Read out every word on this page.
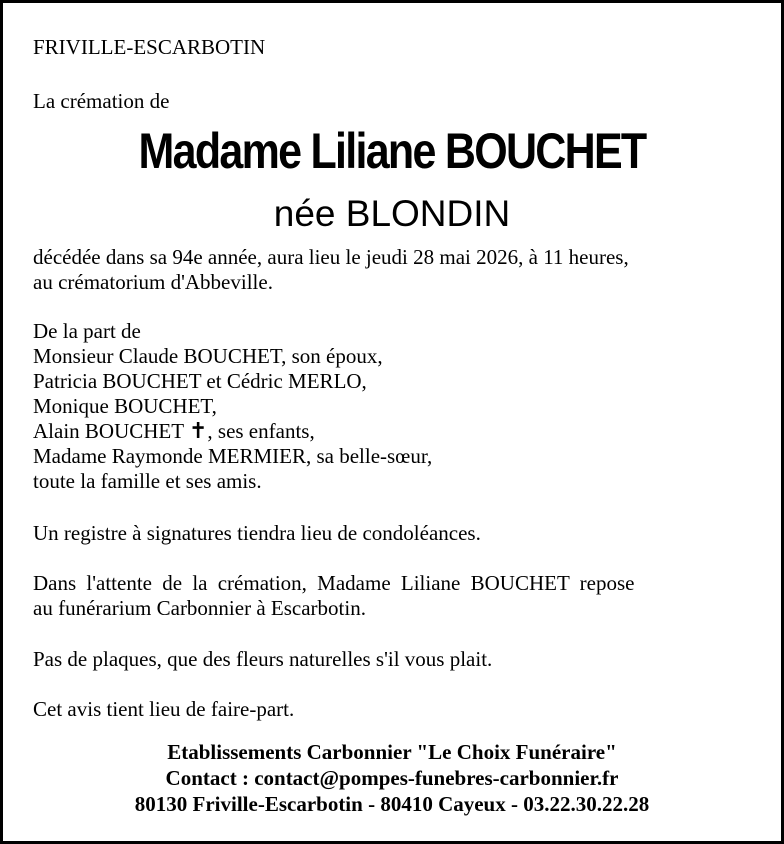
FRIVILLE-ESCARBOTIN

La crémation de

Madame Liliane BOUCHET
née BLONDIN
décédée dans sa 94e année, aura lieu le jeudi 28 mai 2026, à 11 heures,
au crématorium d'Abbeville.
De la part de
Monsieur Claude BOUCHET, son époux,
Patricia BOUCHET et Cédric MERLO,
Monique BOUCHET,
Alain BOUCHET ✝, ses enfants,
Madame Raymonde MERMIER, sa belle-sœur,
toute la famille et ses amis.

Un registre à signatures tiendra lieu de condoléances.

Dans l'attente de la crémation, Madame Liliane BOUCHET repose
au funérarium Carbonnier à Escarbotin.

Pas de plaques, que des fleurs naturelles s'il vous plait.

Cet avis tient lieu de faire-part.

Etablissements Carbonnier "Le Choix Funéraire"
Contact : contact@pompes-funebres-carbonnier.fr
80130 Friville-Escarbotin - 80410 Cayeux - 03.22.30.22.28
